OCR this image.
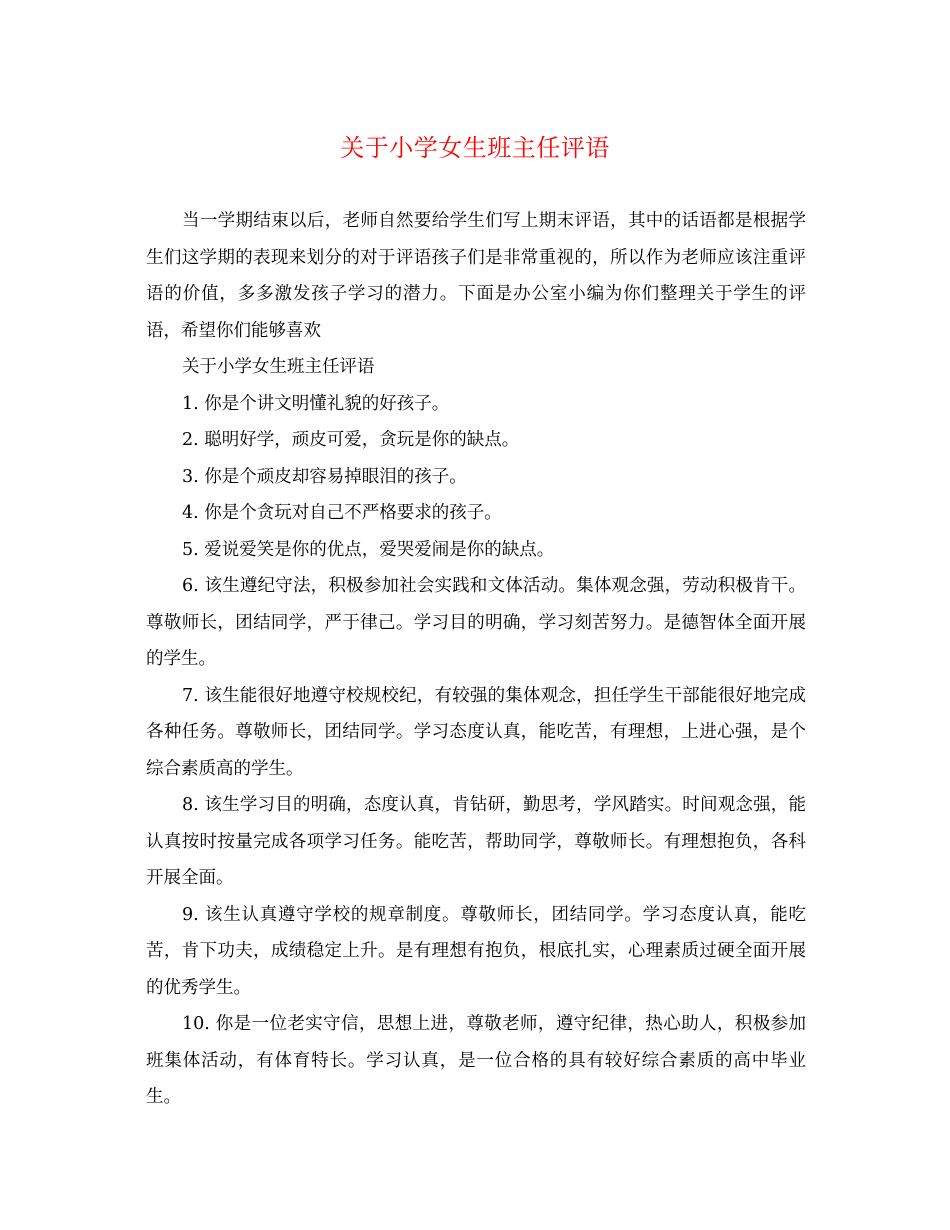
关于小学女生班主任评语

当一学期结束以后，老师自然要给学生们写上期末评语，其中的话语都是根据学生们这学期的表现来划分的对于评语孩子们是非常重视的，所以作为老师应该注重评语的价值，多多激发孩子学习的潜力。下面是办公室小编为你们整理关于学生的评语，希望你们能够喜欢

关于小学女生班主任评语

1. 你是个讲文明懂礼貌的好孩子。

2. 聪明好学，顽皮可爱，贪玩是你的缺点。

3. 你是个顽皮却容易掉眼泪的孩子。

4. 你是个贪玩对自己不严格要求的孩子。

5. 爱说爱笑是你的优点，爱哭爱闹是你的缺点。

6. 该生遵纪守法，积极参加社会实践和文体活动。集体观念强，劳动积极肯干。尊敬师长，团结同学，严于律己。学习目的明确，学习刻苦努力。是德智体全面开展的学生。

7. 该生能很好地遵守校规校纪，有较强的集体观念，担任学生干部能很好地完成各种任务。尊敬师长，团结同学。学习态度认真，能吃苦，有理想，上进心强，是个综合素质高的学生。

8. 该生学习目的明确，态度认真，肯钻研，勤思考，学风踏实。时间观念强，能认真按时按量完成各项学习任务。能吃苦，帮助同学，尊敬师长。有理想抱负，各科开展全面。

9. 该生认真遵守学校的规章制度。尊敬师长，团结同学。学习态度认真，能吃苦，肯下功夫，成绩稳定上升。是有理想有抱负，根底扎实，心理素质过硬全面开展的优秀学生。

10. 你是一位老实守信，思想上进，尊敬老师，遵守纪律，热心助人，积极参加班集体活动，有体育特长。学习认真，是一位合格的具有较好综合素质的高中毕业生。
